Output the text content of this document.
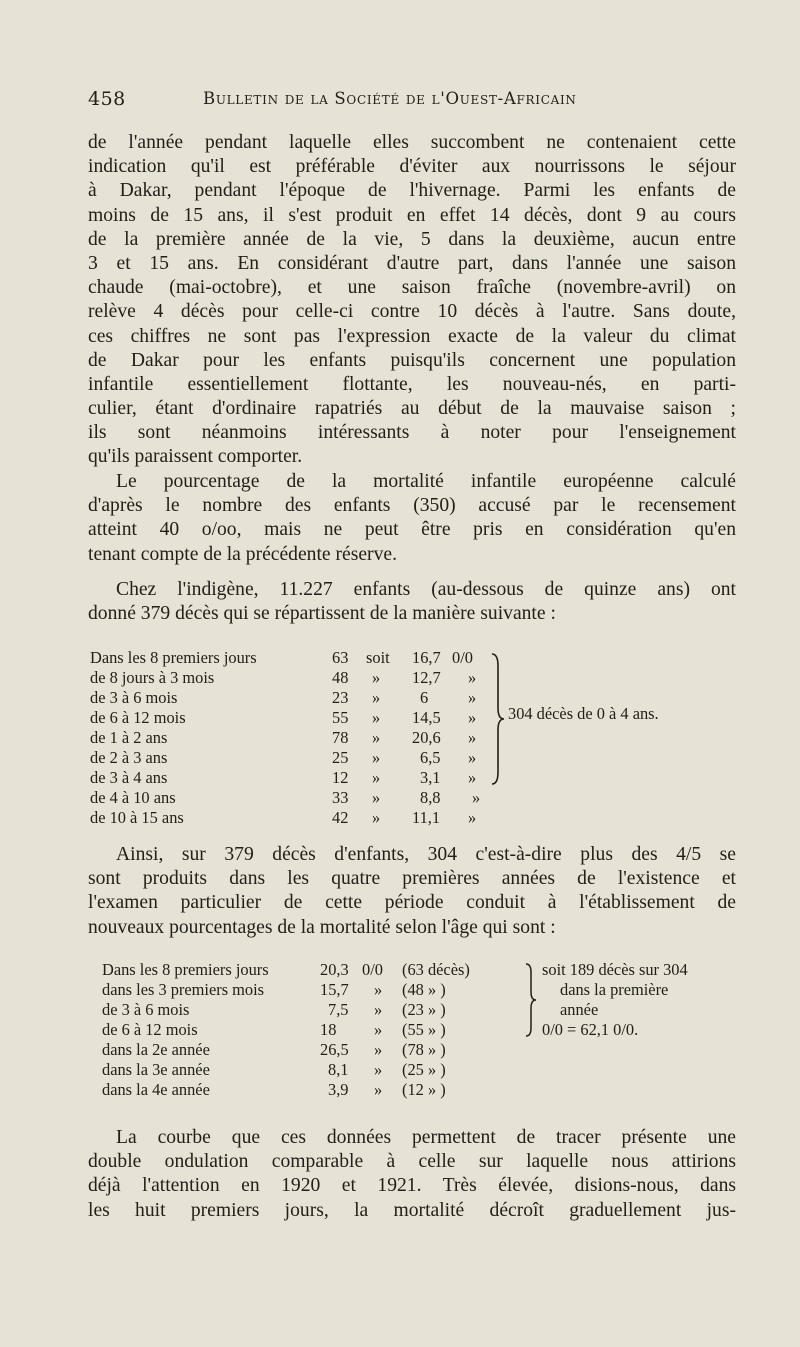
458	Bulletin de la Société de l'Ouest-Africain
de l'année pendant laquelle elles succombent ne contenaient cette
indication qu'il est préférable d'éviter aux nourrissons le séjour
à Dakar, pendant l'époque de l'hivernage. Parmi les enfants de
moins de 15 ans, il s'est produit en effet 14 décès, dont 9 au cours
de la première année de la vie, 5 dans la deuxième, aucun entre
3 et 15 ans. En considérant d'autre part, dans l'année une saison
chaude (mai-octobre), et une saison fraîche (novembre-avril) on
relève 4 décès pour celle-ci contre 10 décès à l'autre. Sans doute,
ces chiffres ne sont pas l'expression exacte de la valeur du climat
de Dakar pour les enfants puisqu'ils concernent une population
infantile essentiellement flottante, les nouveau-nés, en parti-
culier, étant d'ordinaire rapatriés au début de la mauvaise saison ;
ils sont néanmoins intéressants à noter pour l'enseignement
qu'ils paraissent comporter.
Le pourcentage de la mortalité infantile européenne calculé
d'après le nombre des enfants (350) accusé par le recensement
atteint 40 o/oo, mais ne peut être pris en considération qu'en
tenant compte de la précédente réserve.
Chez l'indigène, 11.227 enfants (au-dessous de quinze ans) ont
donné 379 décès qui se répartissent de la manière suivante :
Dans les 8 premiers jours	63 soit 16,7 0/0
de 8 jours à 3 mois	48 » 12,7 »
de 3 à 6 mois	23 » 6 »
de 6 à 12 mois	55 » 14,5 »
de 1 à 2 ans	78 » 20,6 »
de 2 à 3 ans	25 » 6,5 »
de 3 à 4 ans	12 » 3,1 »
de 4 à 10 ans	33 » 8,8 »
de 10 à 15 ans	42 » 11,1 »
304 décès de 0 à 4 ans.
Ainsi, sur 379 décès d'enfants, 304 c'est-à-dire plus des 4/5 se
sont produits dans les quatre premières années de l'existence et
l'examen particulier de cette période conduit à l'établissement de
nouveaux pourcentages de la mortalité selon l'âge qui sont :
Dans les 8 premiers jours	20,3 0/0 (63 décès)
dans les 3 premiers mois	15,7 » (48 » )
de 3 à 6 mois	7,5 » (23 » )
de 6 à 12 mois	18 » (55 » )
dans la 2e année	26,5 » (78 » )
dans la 3e année	8,1 » (25 » )
dans la 4e année	3,9 » (12 » )
soit 189 décès sur 304
dans la première
année
0/0 = 62,1 0/0.
La courbe que ces données permettent de tracer présente une
double ondulation comparable à celle sur laquelle nous attirions
déjà l'attention en 1920 et 1921. Très élevée, disions-nous, dans
les huit premiers jours, la mortalité décroît graduellement jus-
